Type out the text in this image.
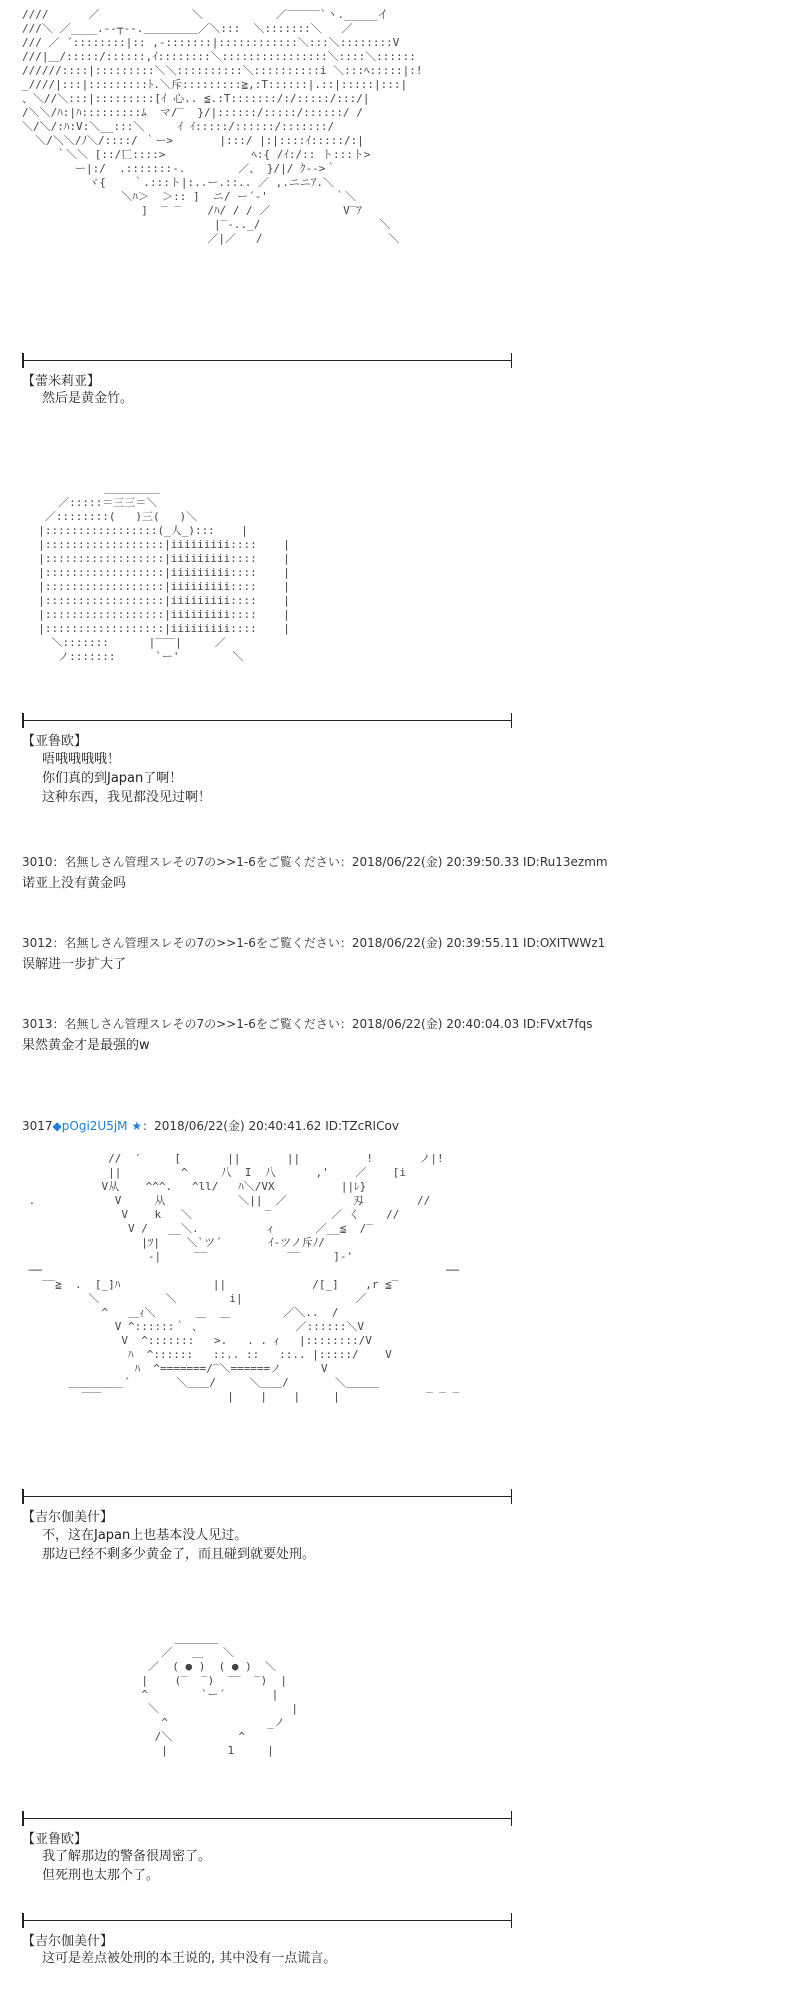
////      ／              ＼           ／‾‾‾‾‾`丶._____イ
///＼ ／____.--┬‐-.＿＿＿＿＿／＼:::  ＼:::::::＼   ／
/// ／ ´::::::::|:: ,‐:::::::|::::::::::::＼:::＼::::::::V
///|＿/:::::/::::::,ｲ::::::::＼::::::::::::::::＼::::＼::::::
//////::::|:::::::::＼＼::::::::::＼::::::::::i ＼:::ﾍ:::::|:!
_////|:::|:::::::::ﾄ.＼斥:::::::::≧,:T::::::|.::|:::::|:::|
、＼//＼:::|:::::::::[ｲ 心.. ≦.:T:::::::/:/:::::/:::/|
/＼＼/ﾊ:|ﾊ:::::::::ﾑ  マ/‾  }/|::::::/:::::/::::::/ /
＼/＼/:ﾊ:V:＼__:::＼     ｲ ｲ:::::/::::::/:::::::/
＼/＼＼/ﾉ＼/::::/ ｀ー>       |:::/ |:|::::ｲ:::::/:|
｀＼＼ [::/匸::::>             ﾍ:{ /ｲ:/:: ト:::ト>
ー|:/  .:::::::-.        ／、 }/|/ ｸ‐->｀
ヾ{    ｀.:::ト|:..ー.::.. ／ ,.ニニｱ.＼
＼ﾊ＞  ＞:: ]  ニ/ ー´‐'          ｀＼
]  ‾ ‾    /ﾊ/ / / ／           V‾ｱ
|‾-.._/                  ＼
／|／   /                   ＼
【蕾米莉亚】
然后是黄金竹。
＿＿＿＿＿
／:::::＝三三＝＼
／::::::::(   )三(   )＼
|:::::::::::::::::(_人_):::    |
|::::::::::::::::::|iiiiiiiii::::    |
|::::::::::::::::::|iiiiiiiii::::    |
|::::::::::::::::::|iiiiiiiii::::    |
|::::::::::::::::::|iiiiiiiii::::    |
|::::::::::::::::::|iiiiiiiii::::    |
|::::::::::::::::::|iiiiiiiii::::    |
|::::::::::::::::::|iiiiiiiii::::    |
＼:::::::      |‾‾‾|     ／
ノ:::::::      `ー'        ＼
【亚鲁欧】
唔哦哦哦哦！
你们真的到Japan了啊！
这种东西，我见都没见过啊！
3010：名無しさん管理スレその7の>>1-6をご覧ください：2018/06/22(金) 20:39:50.33 ID:Ru13ezmm
诺亚上没有黄金吗
3012：名無しさん管理スレその7の>>1-6をご覧ください：2018/06/22(金) 20:39:55.11 ID:OXITWWz1
误解进一步扩大了
3013：名無しさん管理スレその7の>>1-6をご覧ください：2018/06/22(金) 20:40:04.03 ID:FVxt7fqs
果然黄金才是最强的w
3017◆pOgi2U5jM ★：2018/06/22(金) 20:40:41.62 ID:TZcRICov
//  ′     [       ||       ||          !       ノ|!
||         ^     八  I  八      ,'    ／    [i
V从    ^^^.   ^ll/   ﾊ＼/VX          ||ﾚ}
.            V     从           ＼||  ／          刄        //
V    k   ＼           ‾         ／ く    //
V /   __＼.          ィ      ／__≦  /‾
|ﾂ|    ＼`ツ´       ｲ-ツノ斥ﾉ/
‐|     ‾‾            ‾‾     ]-'
──                                                             ──
‾‾≧  .  [_]ﾊ              ||             /[_]    ,r ≦‾
＼          ＼        i|                 ／
^   ＿ｨ＼      ＿  ＿        ／＼..  /
V ^::::::｀ 、              ／::::::＼V
V  ^:::::::   >.   . . ｨ   |::::::::/V
ﾊ  ^::::::   ::.. ::   ::.. |:::::/    V
ﾊ  ^=======/‾＼======ノ      V
＿＿＿＿＿´       ＼＿＿/     ＼＿＿/       ＼＿＿＿
‾‾‾                   |    |    |     |             ‾ ‾ ‾
【吉尔伽美什】
不，这在Japan上也基本没人见过。
那边已经不剩多少黄金了，而且碰到就要处刑。
＿＿＿＿
／   ＿   ＼
／  ( ● )  ( ● )  ＼
|    (‾  ‾)  ‾‾  ‾)  |
^        `ー´       |
＼                    |
^               _ノ
/＼          ^
|         1     |
【亚鲁欧】
我了解那边的警备很周密了。
但死刑也太那个了。
【吉尔伽美什】
这可是差点被处刑的本王说的, 其中没有一点谎言。
